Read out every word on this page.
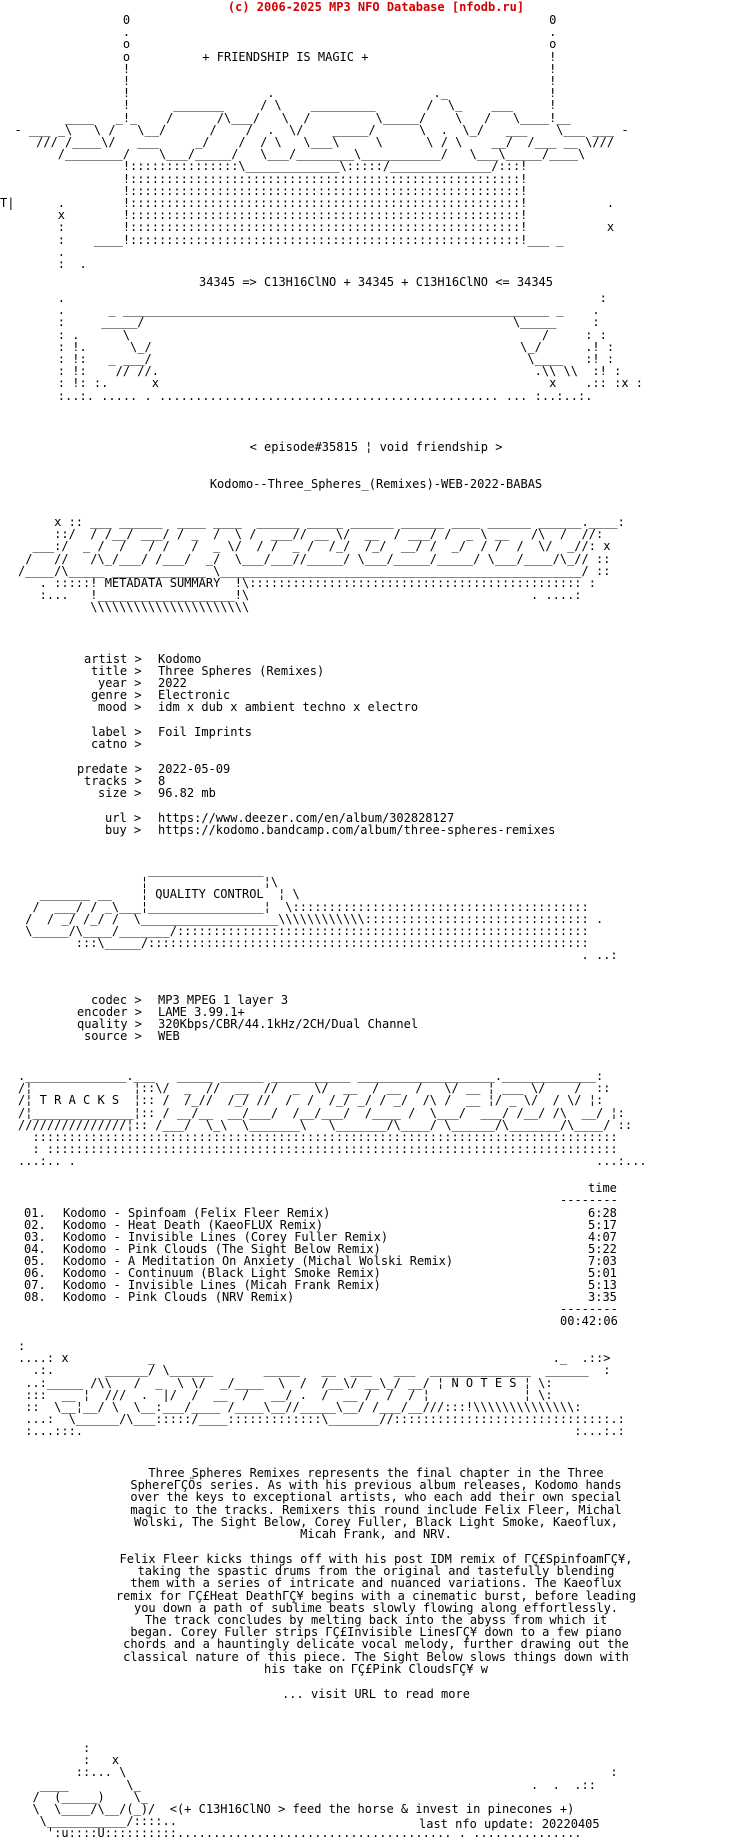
(c) 2006-2025 MP3 NFO Database [nfodb.ru]
0                                                          0
.                                                          .
o                                                          o
o          + FRIENDSHIP IS MAGIC +                         !
!                                                          !
!                                                          !
!                   .                      ._              !
!      _______     / \    _________       /  \_    ___     !
____   _!_    /      /\___/   \  /         \_____/    \   /   \____!__
- ___ _\   \ /   \__/      /    /  .  \/    _____/      \  .  \_/   ___    \___ ___ -
/// /____\/   ___     _/    /  / \   \___\     \      \ / \    __/  /___ __ \///
/________/    \___/_____/   \___/________\___________/   \___\_____/____\
!:::::::::::::::\_____________\:::::/______________/:::!
!::::::::::::::::::::::::::::::::::::::::::::::::::::::!
!::::::::::::::::::::::::::::::::::::::::::::::::::::::!
T|      .        !::::::::::::::::::::::::::::::::::::::::::::::::::::::!           .
x        !::::::::::::::::::::::::::::::::::::::::::::::::::::::!
:        !::::::::::::::::::::::::::::::::::::::::::::::::::::::!           x
:    ____!::::::::::::::::::::::::::::::::::::::::::::::::::::::!___ _
.
:  .
34345 => C13H16ClNO + 34345 + C13H16ClNO <= 34345
.                                                                          :
.      _ ___________________________________________________________ _    .
:     _____/                                                   \_____     :
: .      \                                                         /     : :
: !.      \_/                                                   \_/      .! :
: !:   _ ___/                                                    \____   :! :
: !:    // //.                                                    .\\ \\  :! :
: !: :.      x                                                      x    .:: :x :
:..:. ..... . ............................................... ... :..:..:.
< episode#35815 ¦ void friendship >
Kodomo--Three_Spheres_(Remixes)-WEB-2022-BABAS
x :: ___ ______  ____ ____  ______ _____ ______ ______ ____ ______ ______.____:
::/  / /__/ ___/ / _  /  \ /  ___// __ \/  __  / ___/ /  _ \ __   /\  /  //:
___:/  _ /  /   / /   /  _ \/  / /  _ /  /_/  /_/  __/ /  _/  / /  /  \/  _//: x
/   //   /\_/___/ /___/  _/  \___/___//_____/ \___/_____/_____/ \___/____/\_// ::
/____/\_____ _____________ \__________________________________________________/ ::
. :::::! METADATA SUMMARY  !\:::::::::::::::::::::::::::::::::::::::::::::: :
:...   !___________________!\                                       . ....:
\\\\\\\\\\\\\\\\\\\\\\
artist > Kodomo
title > Three Spheres (Remixes)
year > 2022
genre > Electronic
mood > idm x dub x ambient techno x electro
label > Foil Imprints
catno >
predate > 2022-05-09
tracks > 8
size > 96.82 mb
url > https://www.deezer.com/en/album/302828127
buy > https://kodomo.bandcamp.com/album/three-spheres-remixes
________________
¦                ¦\
_______ __    ¦ QUALITY CONTROL  ¦ \
/  ___/ / _\___¦________________¦  \:::::::::::::::::::::::::::::::::::::::::
/  / _/ /_/ /  \___________________\\\\\\\\\\\\::::::::::::::::::::::::::::::: .
\_____/\____/_______/:::::::::::::::::::::::::::::::::::::::::::::::::::::::::
:::\_____/:::::::::::::::::::::::::::::::::::::::::::::::::::::::::::::
. ..:
codec > MP3 MPEG 1 layer 3
encoder > LAME 3.99.1+
quality > 320Kbps/CBR/44.1kHz/2CH/Dual Channel
source > WEB
.______________.___   _____ ______ ___________ ___________________._____________:
/¦              ¦::\/  _  //  __  //  _  \/  __  / __  /   \/ __ ¦ ___ \/    /  ::
/¦ T R A C K S  ¦:: /  /_//  /_/ //  /  /  /_/ _/ / _/  /\ /  __ ¦/ _ \/  / \/ ¦:
/¦______________¦:: / __/__  __/___/  /__/___/  /____ /  \___/  ___/ /__/ /\  __/ ¦:
///////////////¦:: /___/  \_\  \_______\   \_______/\____/ \______/\_______/\____/ ::
:::::::::::::::::::::::::::::::::::::::::::::::::::::::::::::::::::::::::::::::::
: :::::::::::::::::::::::::::::::::::::::::::::::::::::::::::::::::::::::::::::::
...:.. .                                                                        ...:...
time
--------
01. Kodomo - Spinfoam (Felix Fleer Remix)	6:28
02. Kodomo - Heat Death (KaeoFLUX Remix)	5:17
03. Kodomo - Invisible Lines (Corey Fuller Remix)	4:07
04. Kodomo - Pink Clouds (The Sight Below Remix)	5:22
05. Kodomo - A Meditation On Anxiety (Michal Wolski Remix)	7:03
06. Kodomo - Continuum (Black Light Smoke Remix)	5:01
07. Kodomo - Invisible Lines (Micah Frank Remix)	5:13
08. Kodomo - Pink Clouds (NRV Remix)	3:35
--------
00:42:06
:
....: x           _                                                       ._  .::>
.:.       ______/ \______       _____   __  ___   ___  ______________  ______  :
..:_____ /\\   /  _  \ \/  _/____  \  /  /__\/ __\_/ __/ ¦ N O T E S ¦ \:
:::  __ ¦  ///  .  |/  /  __  /   __/ .  /  __ /  /  / ¦             ¦ \:
::  \__¦__/ \  \__:___/____ /____\__//_____\__/ /___/__///:::!\\\\\\\\\\\\\\:
...:  \______/\___:::::/____:::::::::::::\_______//::::::::::::::::::::::::::::::.:
:...:::.                                                                    :...:.:
Three Spheres Remixes represents the final chapter in the Three
SphereΓÇÖs series. As with his previous album releases, Kodomo hands
over the keys to exceptional artists, who each add their own special
magic to the tracks. Remixers this round include Felix Fleer, Michal
Wolski, The Sight Below, Corey Fuller, Black Light Smoke, Kaeoflux,
Micah Frank, and NRV.
Felix Fleer kicks things off with his post IDM remix of ΓÇ£SpinfoamΓÇ¥,
taking the spastic drums from the original and tastefully blending
them with a series of intricate and nuanced variations. The Kaeoflux
remix for ΓÇ£Heat DeathΓÇ¥ begins with a cinematic burst, before leading
you down a path of sublime beats slowly flowing along effortlessly.
The track concludes by melting back into the abyss from which it
began. Corey Fuller strips ΓÇ£Invisible LinesΓÇ¥ down to a few piano
chords and a hauntingly delicate vocal melody, further drawing out the
classical nature of this piece. The Sight Below slows things down with
his take on ΓÇ£Pink CloudsΓÇ¥ w
... visit URL to read more
:
:   x
::... \                                                                   :
____        \_                                                      .  .  .::
/  (_____)    \_
\  \____/\__/(_)/  <(+ C13H16ClNO > feed the horse & invest in pinecones +)
\___________/::::..
':u::::U::::::::::...................................... . ...............

last nfo update: 20220405
